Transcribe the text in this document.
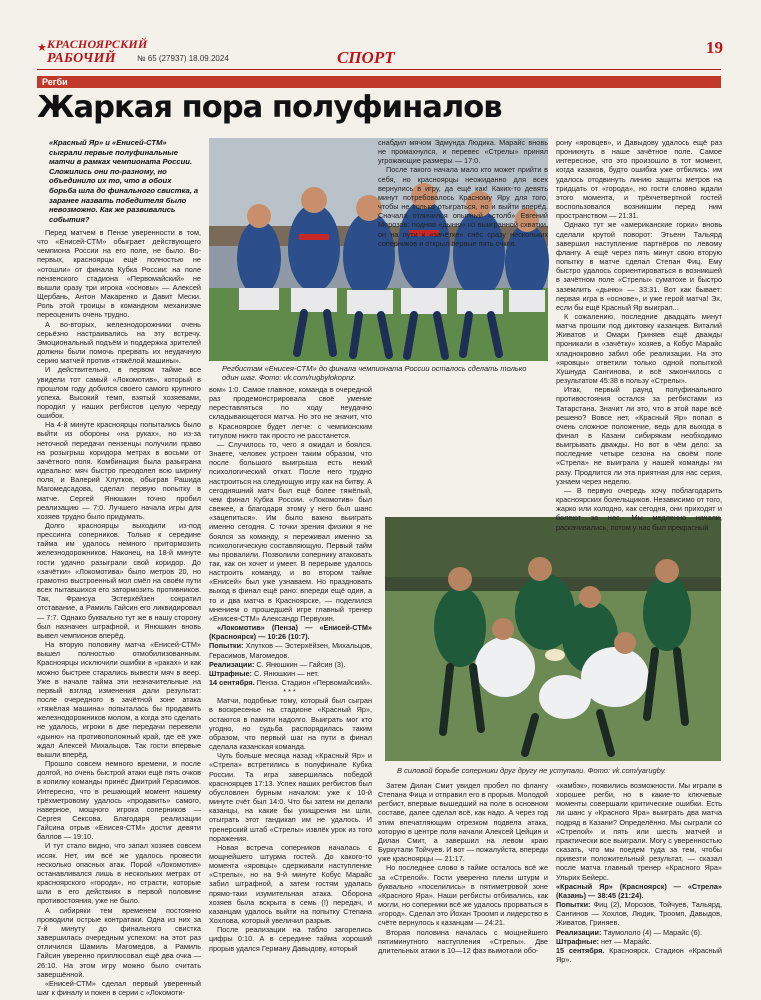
★ КРАСНОЯРСКИЙ
РАБОЧИЙ	№ 65 (27937) 18.09.2024	СПОРТ
19
Регби
Жаркая пора полуфиналов
«Красный Яр» и «Енисей-СТМ» сыграли первые полуфинальные матчи в рамках чемпионата России. Сложились они по-разному, но объединило их то, что в обоих борьба шла до финального свистка, а заранее назвать победителя было невозможно. Как же развивались события?

Перед матчем в Пензе уверенности в том, что «Енисей-СТМ» обыграет действующего чемпиона России на его поле, не было. Во-первых, красноярцы ещё полностью не «отошли» от финала Кубка России: на поле пензенского стадиона «Первомайский» не вышли сразу три игрока «основы» — Алексей Щербань, Антон Макаренко и Давит Мески. Роль этой троицы в командном механизме переоценить очень трудно.

А во-вторых, железнодорожники очень серьёзно настраивались на эту встречу. Эмоциональный подъём и поддержка зрителей должны были помочь прервать их неудачную серию матчей против «тяжёлой машины».

И действительно, в первом тайме все увидели тот самый «Локомотив», который в прошлом году добился своего самого крупного успеха. Высокий темп, взятый хозяевами, породил у наших регбистов целую череду ошибок.

На 4-й минуте красноярцы попытались было выйти из обороны «на руках», но из-за неточной передачи пензенцы получили право на розыгрыш коридора метрах в восьми от зачётного поля. Комбинация была разыграна идеально: мяч быстро преодолел всю ширину поля, и Валерий Хлутков, обыграв Рашида Магомедсадова, сделал первую попытку в матче. Сергей Янюшкин точно пробил реализацию — 7:0. Лучшего начала игры для хозяев трудно было придумать.

Долго красноярцы выходили из-под прессинга соперников. Только к середине тайма им удалось немного притормозить железнодорожников. Наконец, на 18-й минуте гости удачно разыграли свой коридор. До «зачётки» «Локомотива» было метров 20, но грамотно выстроенный мол смёл на своём пути всех пытавшихся его затормозить противников. Так, Франсуа Эстерхёйзен сократил отставание, а Рамиль Гайсин его ликвидировал — 7:7. Однако буквально тут же в нашу сторону был назначен штрафной, и Янюшкин вновь вывел чемпионов вперёд.

На вторую половину матча «Енисей-СТМ» вышел полностью отмобилизованным. Красноярцы исключили ошибки в «раках» и как можно быстрее старались вывести мяч в веер. Уже в начале тайма эти незначительные на первый взгляд изменения дали результат: после очередного в зачётной зоне атака «тяжёлая машина» попыталась бы продавить железнодорожников молом, а когда это сделать не удалось, игроки в две передачи перевели «дыню» на противоположный край, где её уже ждал Алексей Михальцов. Так гости впервые вышли вперёд.

Прошло совсем немного времени, и после долгой, но очень быстрой атаки ещё пять очков в копилку команды принёс Дмитрий Герасимов. Интересно, что в решающий момент нашему трёхметровому удалось «продавить» самого, наверное, мощного игрока соперников — Сергея Сексова. Благодаря реализации Гайсина отрыв «Енисея-СТМ» достиг девяти баллов — 19:10.

И тут стало видно, что запал хозяев совсем иссяк. Нет, им всё же удалось провести несколько опасных атак. Порой «Локомотив» останавливался лишь в нескольких метрах от красноярского «города», но страсти, которые шли в его действиях в первой половине противостояния, уже не было.

А сибиряки тем временем постоянно проводили острые контратаки. Одна из них за 7-й минуту до финального свистка завершилась очередным успехом: на этот раз отличился Шамиль Магомедов, а Рамиль Гайсин уверенно приплюсовал ещё два очка — 26:10. На этом игру можно было считать завершённой.

«Енисей-СТМ» сделал первый уверенный шаг к финалу и покен в серии с «Локомоти-

Регбистам «Енисея-СТМ» до финала чемпионата России осталось сделать только один шаг. Фото: vk.com/rugbylokopnz.

вом» 1:0. Самое главное, команда в очередной раз продемонстрировала своё умение переставляться по ходу неудачно складывающегося матча. Но это не значит, что в Красноярске будет легче: с чемпионским титулом никто так просто не расстанется.

— Случилось то, чего я ожидал и боялся. Знаете, человек устроен таким образом, что после большого выигрыша есть некий психологический откат. После него трудно настроиться на следующую игру как на битву. А сегодняшний матч был ещё более тяжёлый, чем финал Кубка России. «Локомотив» был свежее, а благодаря этому у него был шанс «зацепиться». Им было важно выиграть именно сегодня. С точки зрения физики я не боялся за команду, я переживал именно за психологическую составляющую. Первый тайм мы провалили. Позволили сопернику атаковать так, как он хочет и умеет. В перерыве удалось настроить команду, и во втором тайме «Енисей» был уже узнаваем. Но праздновать выход в финал ещё рано: впереди ещё один, а то и два матча в Красноярске, — поделился мнением о прошедшей игре главный тренер «Енисея-СТМ» Александр Первухин.

«Локомотив» (Пенза) — «Енисей-СТМ» (Красноярск) — 10:26 (10:7).
Попытки: Хлутков — Эстерхёйзен, Михальцов, Герасимов, Магомедов.
Реализации: С. Янюшкин — Гайсин (3).
Штрафные: С. Янюшкин — нет.
14 сентября. Пенза. Стадион «Первомайский».

***

Матчи, подобные тому, который был сыгран в воскресенье на стадионе «Красный Яр», остаются в памяти надолго. Выиграть мог кто угодно, но судьба распорядилась таким образом, что первый шаг на пути в финал сделала казанская команда.

Чуть больше месяца назад «Красный Яр» и «Стрела» встретились в полуфинале Кубка России. Та игра завершилась победой красноярцев 17:13. Успех наших регбистов был обусловлен бурным началом: уже к 10-й минуте счёт был 14:0. Что бы затем ни делали казанцы, на какие бы ухищрения ни шли, отыграть этот гандикап им не удалось. И тренерский штаб «Стрелы» извлёк урок из того поражения.

Новая встреча соперников началась с мощнейшего штурма гостей. До какого-то момента «яровцы» сдерживали наступление «Стрелы», но на 9-й минуте Кобус Марайс забил штрафной, а затем гостям удалась прямо-таки изумительная атака. Оборона хозяев была вскрыта в семь (!) передач, и казанцам удалось выйти на попытку Степана Хохлова, который увеличил разрыв.

После реализации на табло загорелись цифры 0:10. А в середине тайма хороший прорыв удался Герману Давыдову, который

снабдил мячом Эдмунда Людика. Марайс вновь не промахнулся, и перевес «Стрелы» принял угрожающие размеры — 17:0.

После такого начала мало кто может прийти в себя, но красноярцы неожиданно для всех вернулись в игру, да ещё как! Каких-то девять минут потребовалось Красному Яру для того, чтобы не только отыграться, но и выйти вперёд. Сначала отличился опытный «столб» Евгений Морозов: подняв «дыню» из выигранной схватки, он на пути к «зачётке» снёс сразу нескольких соперников и открыл первые пять очков.

В силовой борьбе соперники друг другу не уступали. Фото: vk.com/yarugby.

Затем Дилан Смит увидел пробел по флангу Степана Фица и отправил его в прорыв. Молодой регбист, впервые вышедший на поле в основном составе, далее сделал всё, как надо. А через год этим впечатляющим отрезком подвела атака, которую в центре поля начали Алексей Цейцин и Дилан Смит, а завершил на левом краю Буркутали Тойчуев. И вот — пожалуйста, впереди уже красноярцы — 21:17.

Но последнее слово в тайме осталось всё же за «Стрелой». Гости уверенно плели штурм и буквально «поселились» в пятиметровой зоне «Красного Яра». Наши регбисты отбивались, как могли, но соперники всё же удалось прорваться в «город». Сделал это Йохан Троомп и лидерство в счёте вернулось к казанцам — 24:21.

Вторая половина началась с мощнейшего пятиминутного наступления «Стрелы». Две длительных атаки в 10—12 фаз вымотали обо-

рону «яровцев», и Давыдову удалось ещё раз проникнуть в наше зачётное поле. Самое интересное, что это произошло в тот момент, когда казаков, будто ошибка уже отбились: им удалось отодвинуть линию защиты метров на тридцать от «города», но гости словно ждали этого момента, и трёхчетвертной гостей воспользовался возникшим перед ним пространством — 21:31.

Однако тут же «американские горки» вновь сделали крутой поворот: Этьенн Тальярд завершил наступление партнёров по левому флангу. А ещё через пять минут свою вторую попытку в матче сделал Степан Фиц. Ему быстро удалось сориентироваться в возникшей в зачётном поле «Стрелы» суматохе и быстро заземлить «дыню» — 33:31. Вот как бывает: первая игра в «основе», и уже герой матча! Эх, если бы ещё Красный Яр выиграл...

К сожалению, последние двадцать минут матча прошли под диктовку казанцев. Виталий Живатов и Омари Гриняев ещё дважды проникали в «зачётку» хозяев, а Кобус Марайс хладнокровно забил обе реализации. На это «яровцы» ответили только одной попыткой Хушнуда Сангинова, и всё закончилось с результатом 45:38 в пользу «Стрелы».

Итак, первый раунд полуфинального противостояния остался за регбистами из Татарстана. Значит ли это, что в этой паре всё решено? Вовсе нет, «Красный Яр» попал в очень сложное положение, ведь для выхода в финал в Казани сибирякам необходимо выигрывать дважды. Но вот в чём дело: за последние четыре сезона на своём поле «Стрела» не выиграла у нашей команды ни разу. Продлится ли эта приятная для нас серия, узнаем через неделю.

— В первую очередь хочу поблагодарить красноярских болельщиков. Независимо от того, жарко или холодно, как сегодня, они приходят и болеют за нас. Мы медленно начали, раскачивались, потом у нас был прекрасный

«камбэк», появились возможности. Мы играли в хорошее регби, но в какие-то ключевые моменты совершали критические ошибки. Есть ли шанс у «Красного Яра» выиграть два матча подряд в Казани? Определённо. Мы сыграли со «Стрелой» и пять или шесть матчей и практически все выиграли. Могу с уверенностью сказать, что мы поедем туда за тем, чтобы привезти положительный результат, — сказал после матча главный тренер «Красного Яра» Ульрих Бейерс.

«Красный Яр» (Красноярск) — «Стрела» (Казань) — 38:45 (21:24).
Попытки: Фиц (2), Морозов, Тойчуев, Тальярд, Сангинов — Хохлов, Людик, Троомп, Давыдов, Живатов, Гриняев.
Реализации: Таумололо (4) — Марайс (6).
Штрафные: нет — Марайс.
15 сентября. Красноярск. Стадион «Красный Яр».
